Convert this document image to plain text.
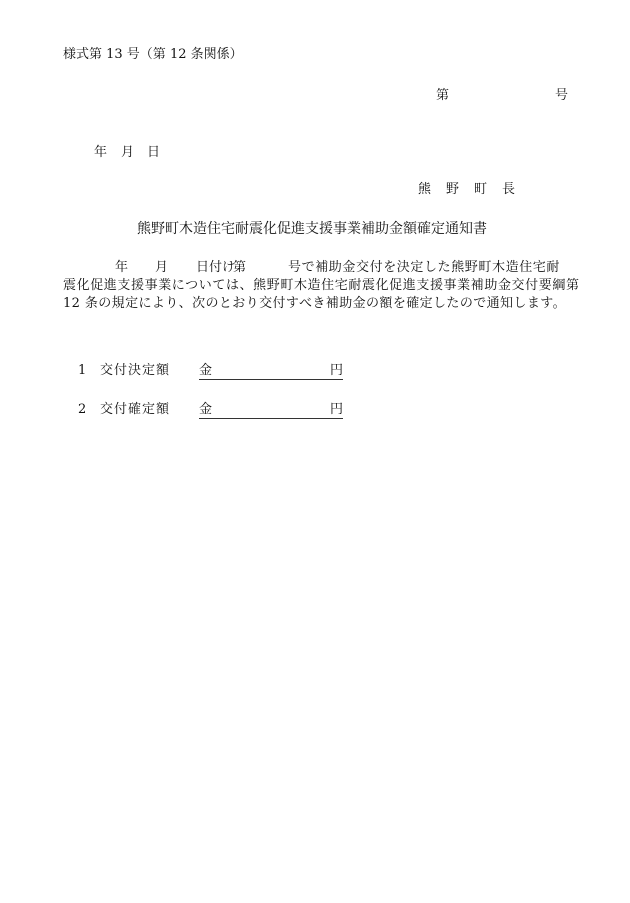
様式第 13 号（第 12 条関係）
第	号
年 月 日
熊　野　町　長
熊野町木造住宅耐震化促進支援事業補助金額確定通知書
年 月 日付け
第	号で補助金交付を決定した熊野町木造住宅耐
震化促進支援事業については、熊野町木造住宅耐震化促進支援事業補助金交付要綱第
12 条の規定により、次のとおり交付すべき補助金の額を確定したので通知します。
1 交付決定額 金	円
2 交付確定額 金	円
